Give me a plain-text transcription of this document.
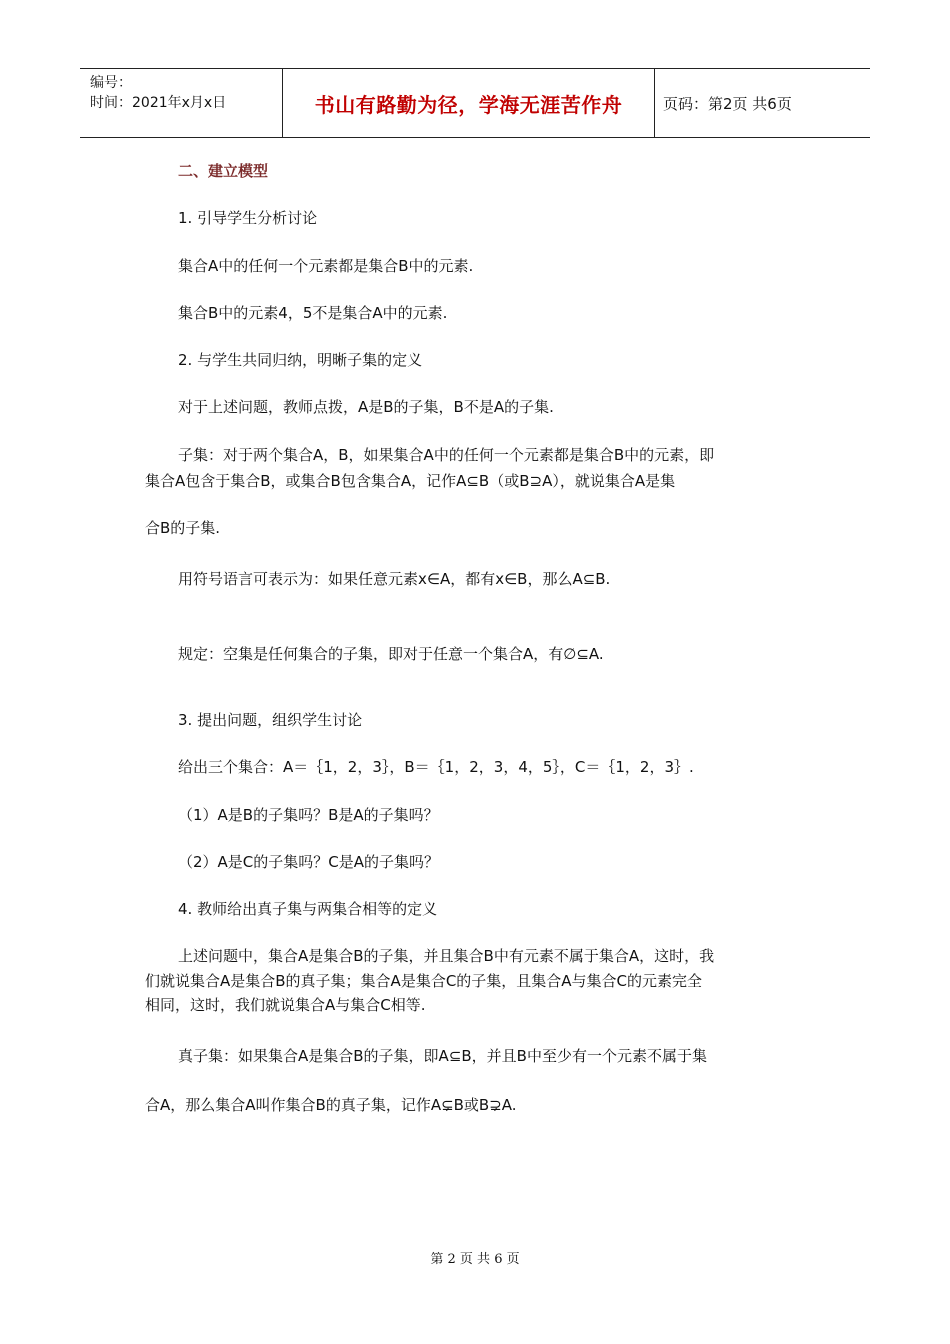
编号：
时间：2021年x月x日	书山有路勤为径，学海无涯苦作舟	页码：第2页 共6页
二、建立模型
1. 引导学生分析讨论
集合A中的任何一个元素都是集合B中的元素.
集合B中的元素4，5不是集合A中的元素.
2. 与学生共同归纳，明晰子集的定义
对于上述问题，教师点拨，A是B的子集，B不是A的子集.
子集：对于两个集合A，B，如果集合A中的任何一个元素都是集合B中的元素，即
集合A包含于集合B，或集合B包含集合A，记作A⊆B（或B⊇A），就说集合A是集
合B的子集.
用符号语言可表示为：如果任意元素x∈A，都有x∈B，那么A⊆B.
规定：空集是任何集合的子集，即对于任意一个集合A，有∅⊆A.
3. 提出问题，组织学生讨论
给出三个集合：A＝｛1，2，3｝，B＝｛1，2，3，4，5｝，C＝｛1，2，3｝.
（1）A是B的子集吗？B是A的子集吗？
（2）A是C的子集吗？C是A的子集吗？
4. 教师给出真子集与两集合相等的定义
上述问题中，集合A是集合B的子集，并且集合B中有元素不属于集合A，这时，我
们就说集合A是集合B的真子集；集合A是集合C的子集，且集合A与集合C的元素完全
相同，这时，我们就说集合A与集合C相等.
真子集：如果集合A是集合B的子集，即A⊆B，并且B中至少有一个元素不属于集
合A，那么集合A叫作集合B的真子集，记作A⊊B或B⊋A.
第 2 页 共 6 页
